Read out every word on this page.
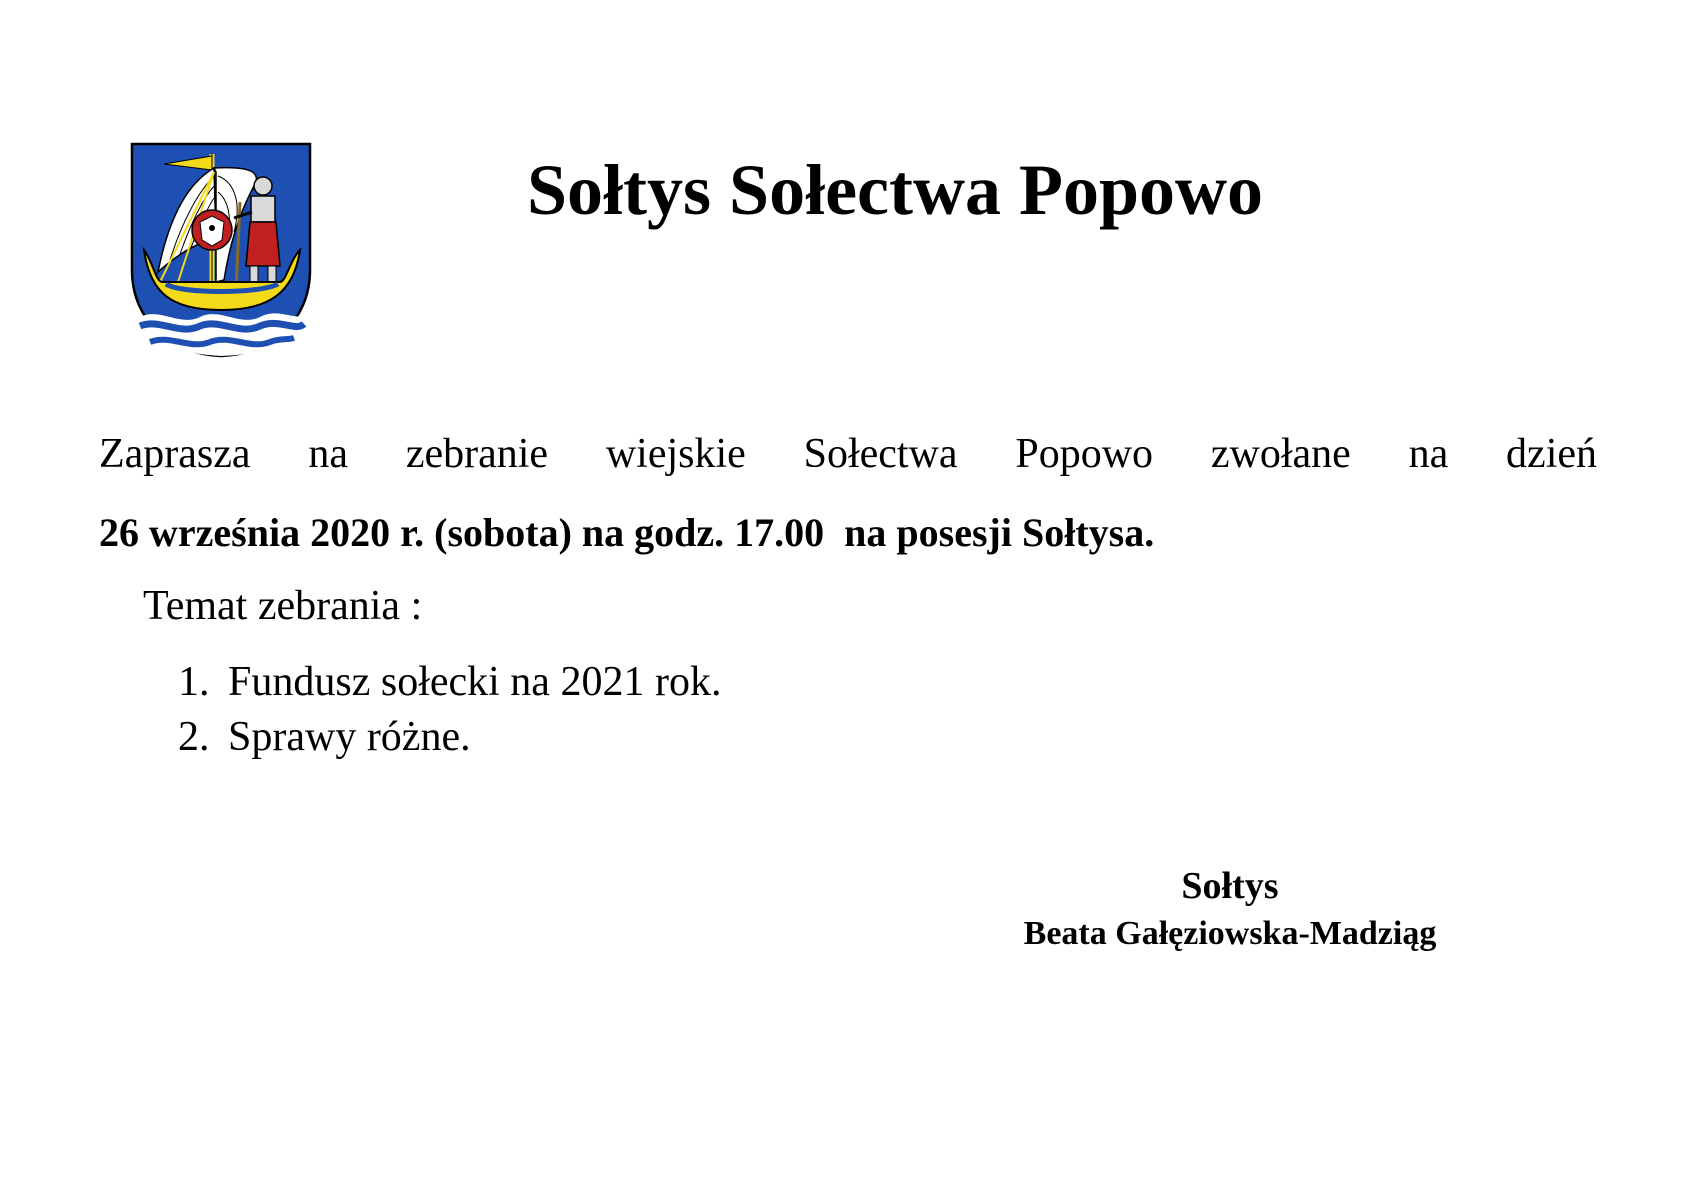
Sołtys Sołectwa Popowo
Zaprasza na zebranie wiejskie Sołectwa Popowo zwołane na dzień
26 września 2020 r. (sobota) na godz. 17.00  na posesji Sołtysa.
Temat zebrania :
1. Fundusz sołecki na 2021 rok.
2. Sprawy różne.
Sołtys
Beata Gałęziowska-Madziąg
